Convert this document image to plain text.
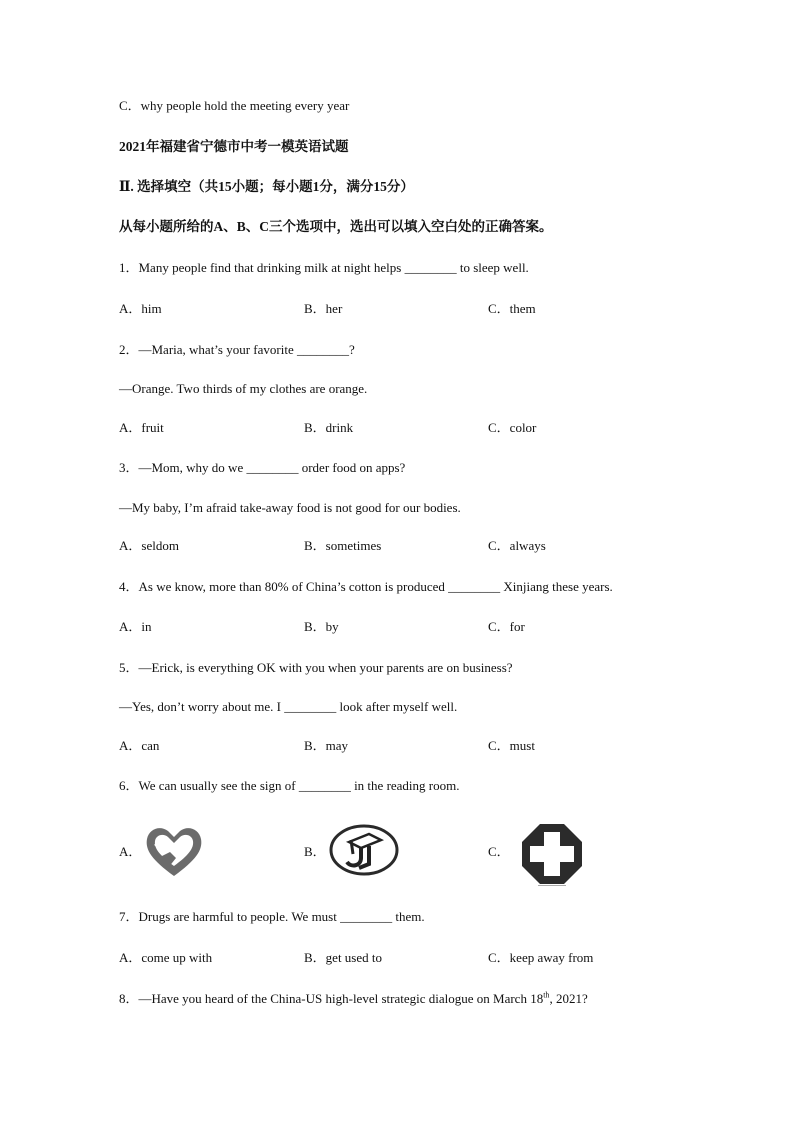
C．why people hold the meeting every year
2021年福建省宁德市中考一模英语试题
Ⅱ. 选择填空（共15小题；每小题1分，满分15分）
从每小题所给的A、B、C三个选项中，选出可以填入空白处的正确答案。
1．Many people find that drinking milk at night helps ________ to sleep well.
A．him	B．her	C．them
2．—Maria, what’s your favorite ________?
—Orange. Two thirds of my clothes are orange.
A．fruit	B．drink	C．color
3．—Mom, why do we ________ order food on apps?
—My baby, I’m afraid take-away food is not good for our bodies.
A．seldom	B．sometimes	C．always
4．As we know, more than 80% of China’s cotton is produced ________ Xinjiang these years.
A．in	B．by	C．for
5．—Erick, is everything OK with you when your parents are on business?
—Yes, don’t worry about me. I ________ look after myself well.
A．can	B．may	C．must
6．We can usually see the sign of ________ in the reading room.
A．	B．	C．
7．Drugs are harmful to people. We must ________ them.
A．come up with	B．get used to	C．keep away from
8．—Have you heard of the China-US high-level strategic dialogue on March 18th, 2021?
